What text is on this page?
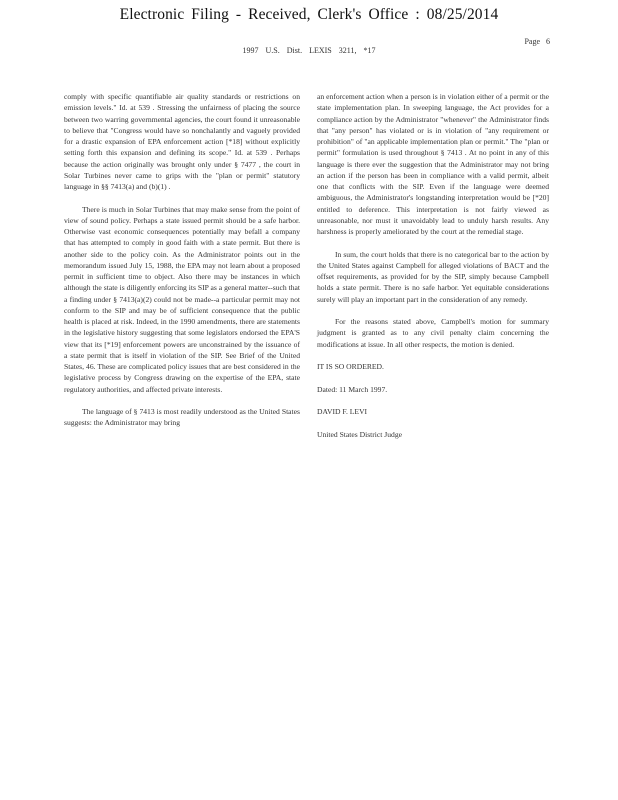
Electronic Filing - Received, Clerk's Office : 08/25/2014
Page 6
1997 U.S. Dist. LEXIS 3211, *17

comply with specific quantifiable air quality standards or restrictions on emission levels." Id. at 539 . Stressing the unfairness of placing the source between two warring governmental agencies, the court found it unreasonable to believe that "Congress would have so nonchalantly and vaguely provided for a drastic expansion of EPA enforcement action [*18] without explicitly setting forth this expansion and defining its scope." Id. at 539 . Perhaps because the action originally was brought only under § 7477 , the court in Solar Turbines never came to grips with the "plan or permit" statutory language in §§ 7413(a) and (b)(1) .

There is much in Solar Turbines that may make sense from the point of view of sound policy. Perhaps a state issued permit should be a safe harbor. Otherwise vast economic consequences potentially may befall a company that has attempted to comply in good faith with a state permit. But there is another side to the policy coin. As the Administrator points out in the memorandum issued July 15, 1988, the EPA may not learn about a proposed permit in sufficient time to object. Also there may be instances in which although the state is diligently enforcing its SIP as a general matter--such that a finding under § 7413(a)(2) could not be made--a particular permit may not conform to the SIP and may be of sufficient consequence that the public health is placed at risk. Indeed, in the 1990 amendments, there are statements in the legislative history suggesting that some legislators endorsed the EPA'S view that its [*19] enforcement powers are unconstrained by the issuance of a state permit that is itself in violation of the SIP. See Brief of the United States, 46. These are complicated policy issues that are best considered in the legislative process by Congress drawing on the expertise of the EPA, state regulatory authorities, and affected private interests.

The language of § 7413 is most readily understood as the United States suggests: the Administrator may bring

an enforcement action when a person is in violation either of a permit or the state implementation plan. In sweeping language, the Act provides for a compliance action by the Administrator "whenever" the Administrator finds that "any person" has violated or is in violation of "any requirement or prohibition" of "an applicable implementation plan or permit." The "plan or permit" formulation is used throughout § 7413 . At no point in any of this language is there ever the suggestion that the Administrator may not bring an action if the person has been in compliance with a valid permit, albeit one that conflicts with the SIP. Even if the language were deemed ambiguous, the Administrator's longstanding interpretation would be [*20] entitled to deference. This interpretation is not fairly viewed as unreasonable, nor must it unavoidably lead to unduly harsh results. Any harshness is properly ameliorated by the court at the remedial stage.

In sum, the court holds that there is no categorical bar to the action by the United States against Campbell for alleged violations of BACT and the offset requirements, as provided for by the SIP, simply because Campbell holds a state permit. There is no safe harbor. Yet equitable considerations surely will play an important part in the consideration of any remedy.

For the reasons stated above, Campbell's motion for summary judgment is granted as to any civil penalty claim concerning the modifications at issue. In all other respects, the motion is denied.

IT IS SO ORDERED.
Dated: 11 March 1997.
DAVID F. LEVI
United States District Judge
